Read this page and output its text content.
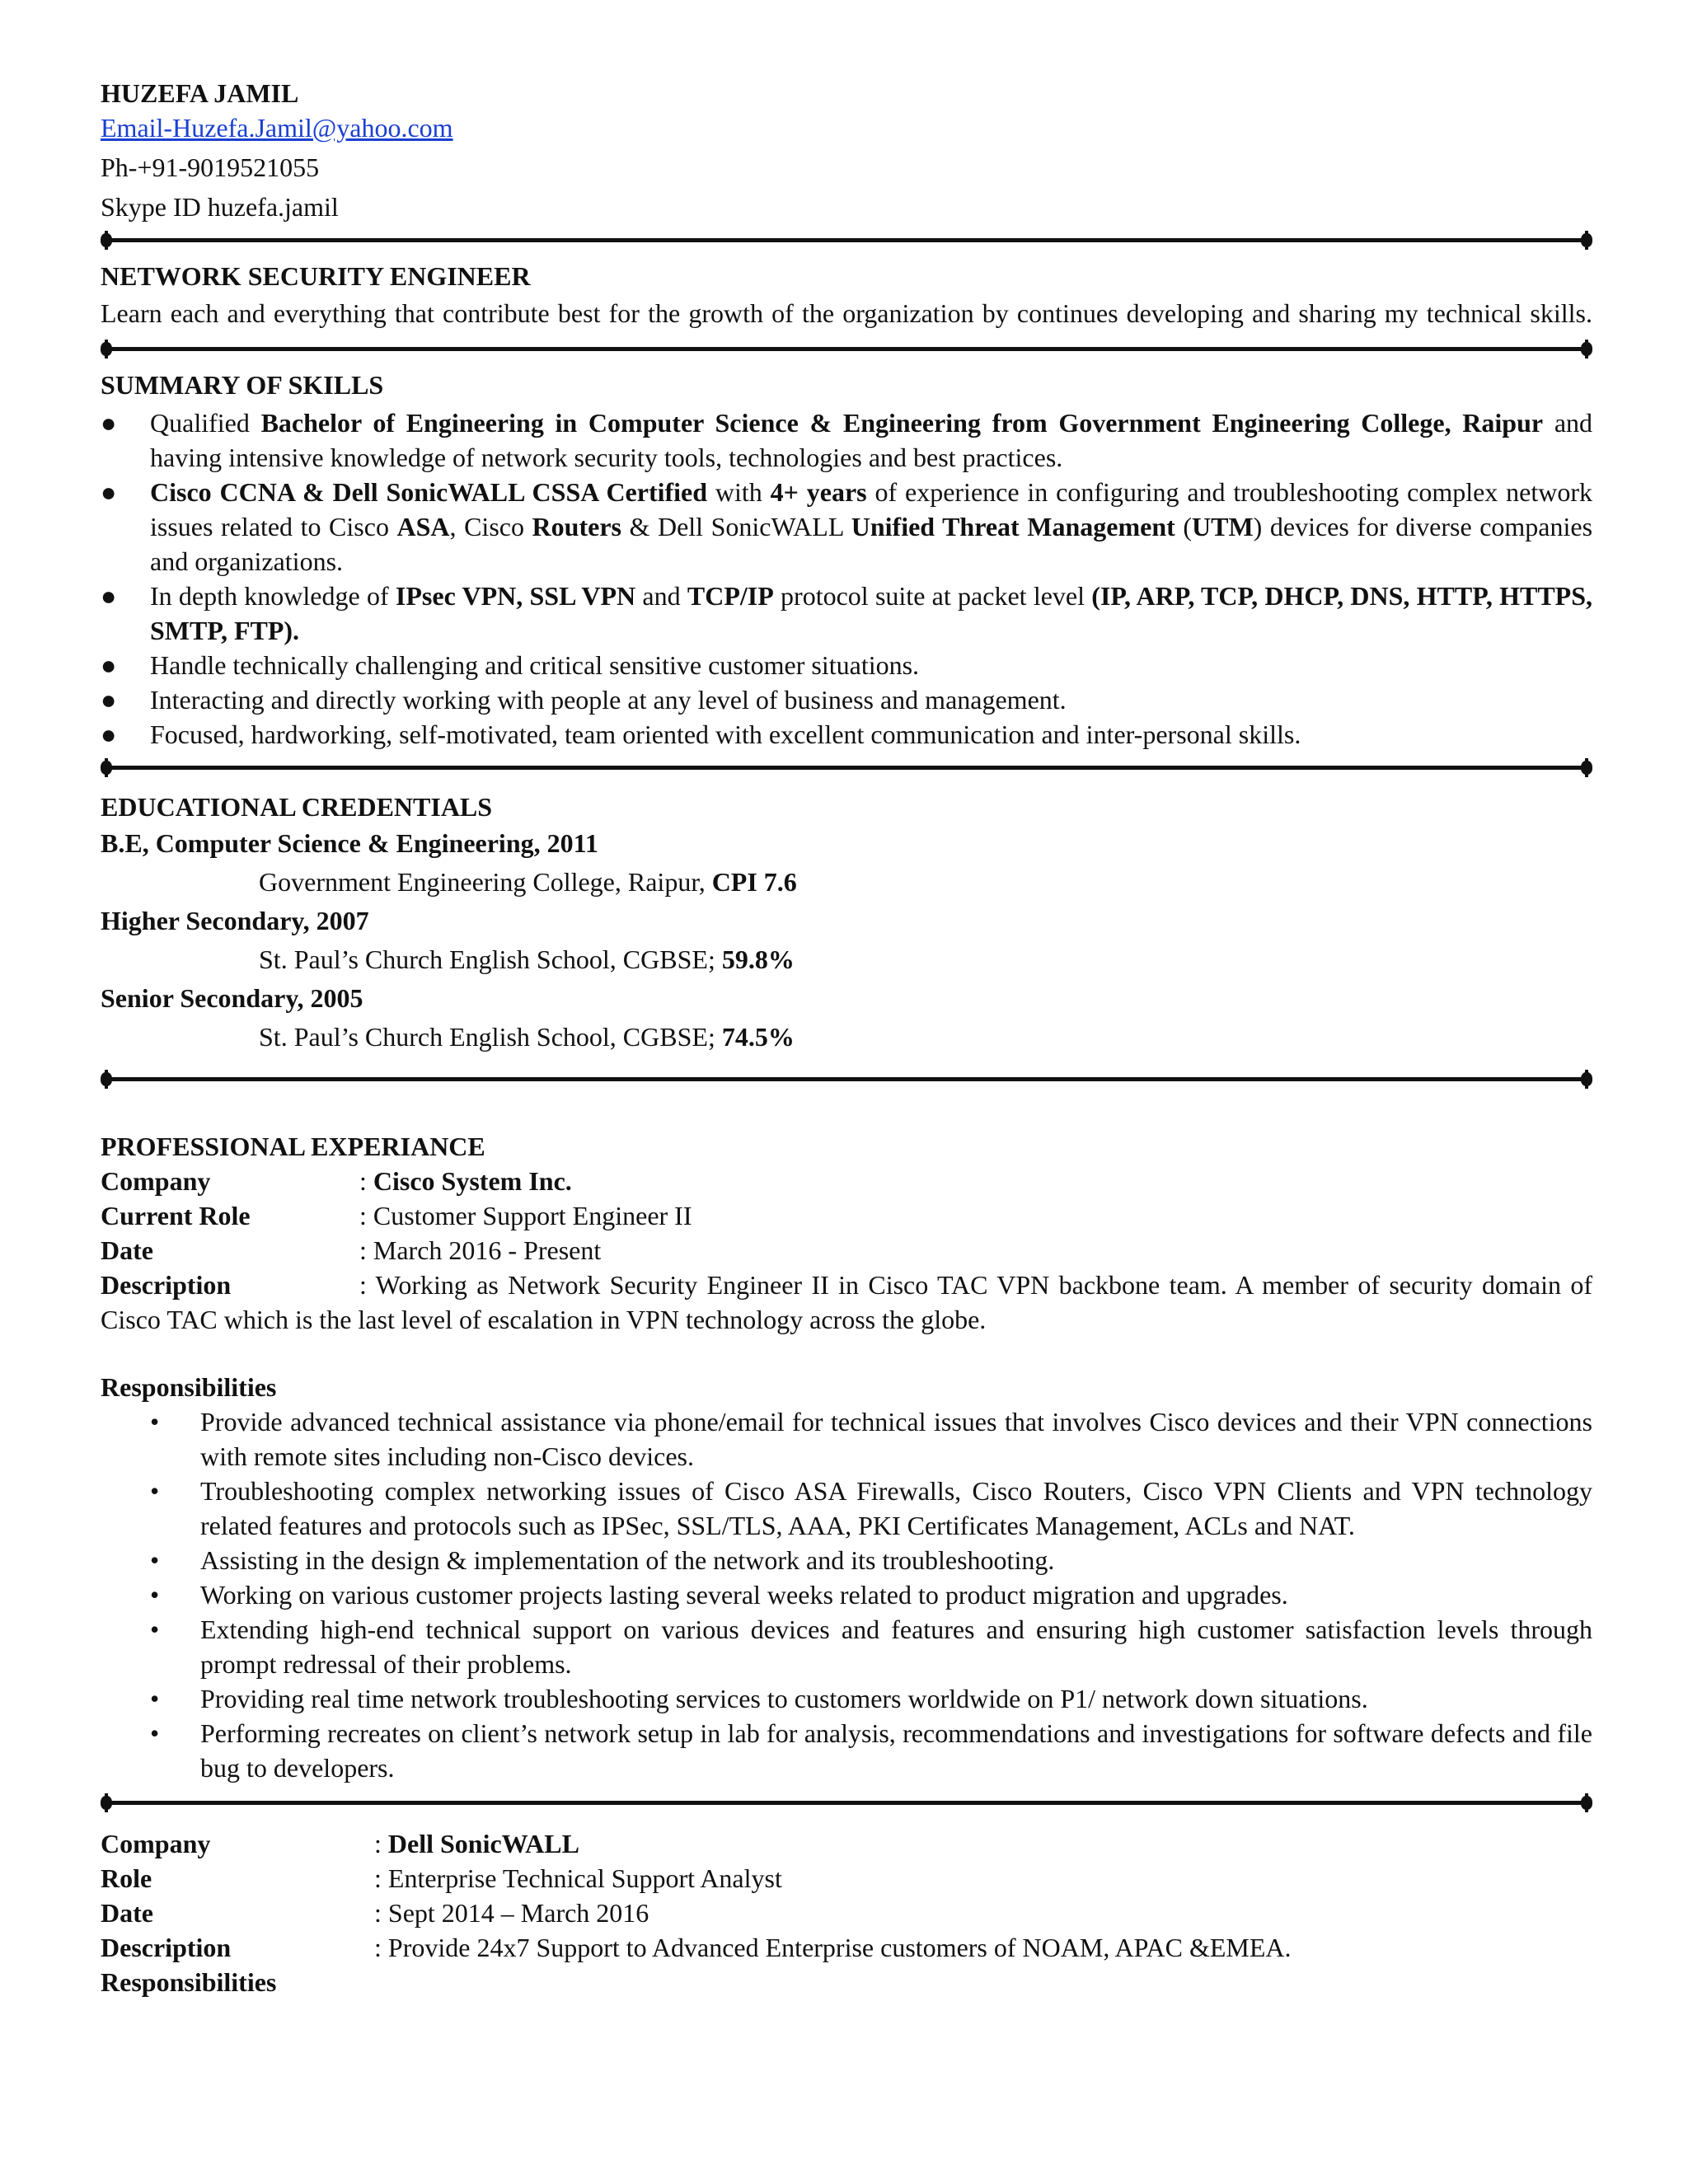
HUZEFA JAMIL

Email-Huzefa.Jamil@yahoo.com

Ph-+91-9019521055

Skype ID huzefa.jamil

NETWORK SECURITY ENGINEER

Learn each and everything that contribute best for the growth of the organization by continues developing and sharing my technical skills.

SUMMARY OF SKILLS

● Qualified Bachelor of Engineering in Computer Science & Engineering from Government Engineering College, Raipur and having intensive knowledge of network security tools, technologies and best practices.
● Cisco CCNA & Dell SonicWALL CSSA Certified with 4+ years of experience in configuring and troubleshooting complex network issues related to Cisco ASA, Cisco Routers & Dell SonicWALL Unified Threat Management (UTM) devices for diverse companies and organizations.
● In depth knowledge of IPsec VPN, SSL VPN and TCP/IP protocol suite at packet level (IP, ARP, TCP, DHCP, DNS, HTTP, HTTPS, SMTP, FTP).
● Handle technically challenging and critical sensitive customer situations.
● Interacting and directly working with people at any level of business and management.
● Focused, hardworking, self-motivated, team oriented with excellent communication and inter-personal skills.

EDUCATIONAL CREDENTIALS

B.E, Computer Science & Engineering, 2011

Government Engineering College, Raipur, CPI 7.6

Higher Secondary, 2007

St. Paul’s Church English School, CGBSE; 59.8%

Senior Secondary, 2005

St. Paul’s Church English School, CGBSE; 74.5%

PROFESSIONAL EXPERIANCE

Company	: Cisco System Inc.

Current Role	: Customer Support Engineer II

Date	: March 2016 - Present

Description	: Working as Network Security Engineer II in Cisco TAC VPN backbone team. A member of security domain of Cisco TAC which is the last level of escalation in VPN technology across the globe.

Responsibilities

• Provide advanced technical assistance via phone/email for technical issues that involves Cisco devices and their VPN connections with remote sites including non-Cisco devices.
• Troubleshooting complex networking issues of Cisco ASA Firewalls, Cisco Routers, Cisco VPN Clients and VPN technology related features and protocols such as IPSec, SSL/TLS, AAA, PKI Certificates Management, ACLs and NAT.
• Assisting in the design & implementation of the network and its troubleshooting.
• Working on various customer projects lasting several weeks related to product migration and upgrades.
• Extending high-end technical support on various devices and features and ensuring high customer satisfaction levels through prompt redressal of their problems.
• Providing real time network troubleshooting services to customers worldwide on P1/ network down situations.
• Performing recreates on client’s network setup in lab for analysis, recommendations and investigations for software defects and file bug to developers.

Company	: Dell SonicWALL

Role	: Enterprise Technical Support Analyst

Date	: Sept 2014 – March 2016

Description	: Provide 24x7 Support to Advanced Enterprise customers of NOAM, APAC &EMEA.

Responsibilities
